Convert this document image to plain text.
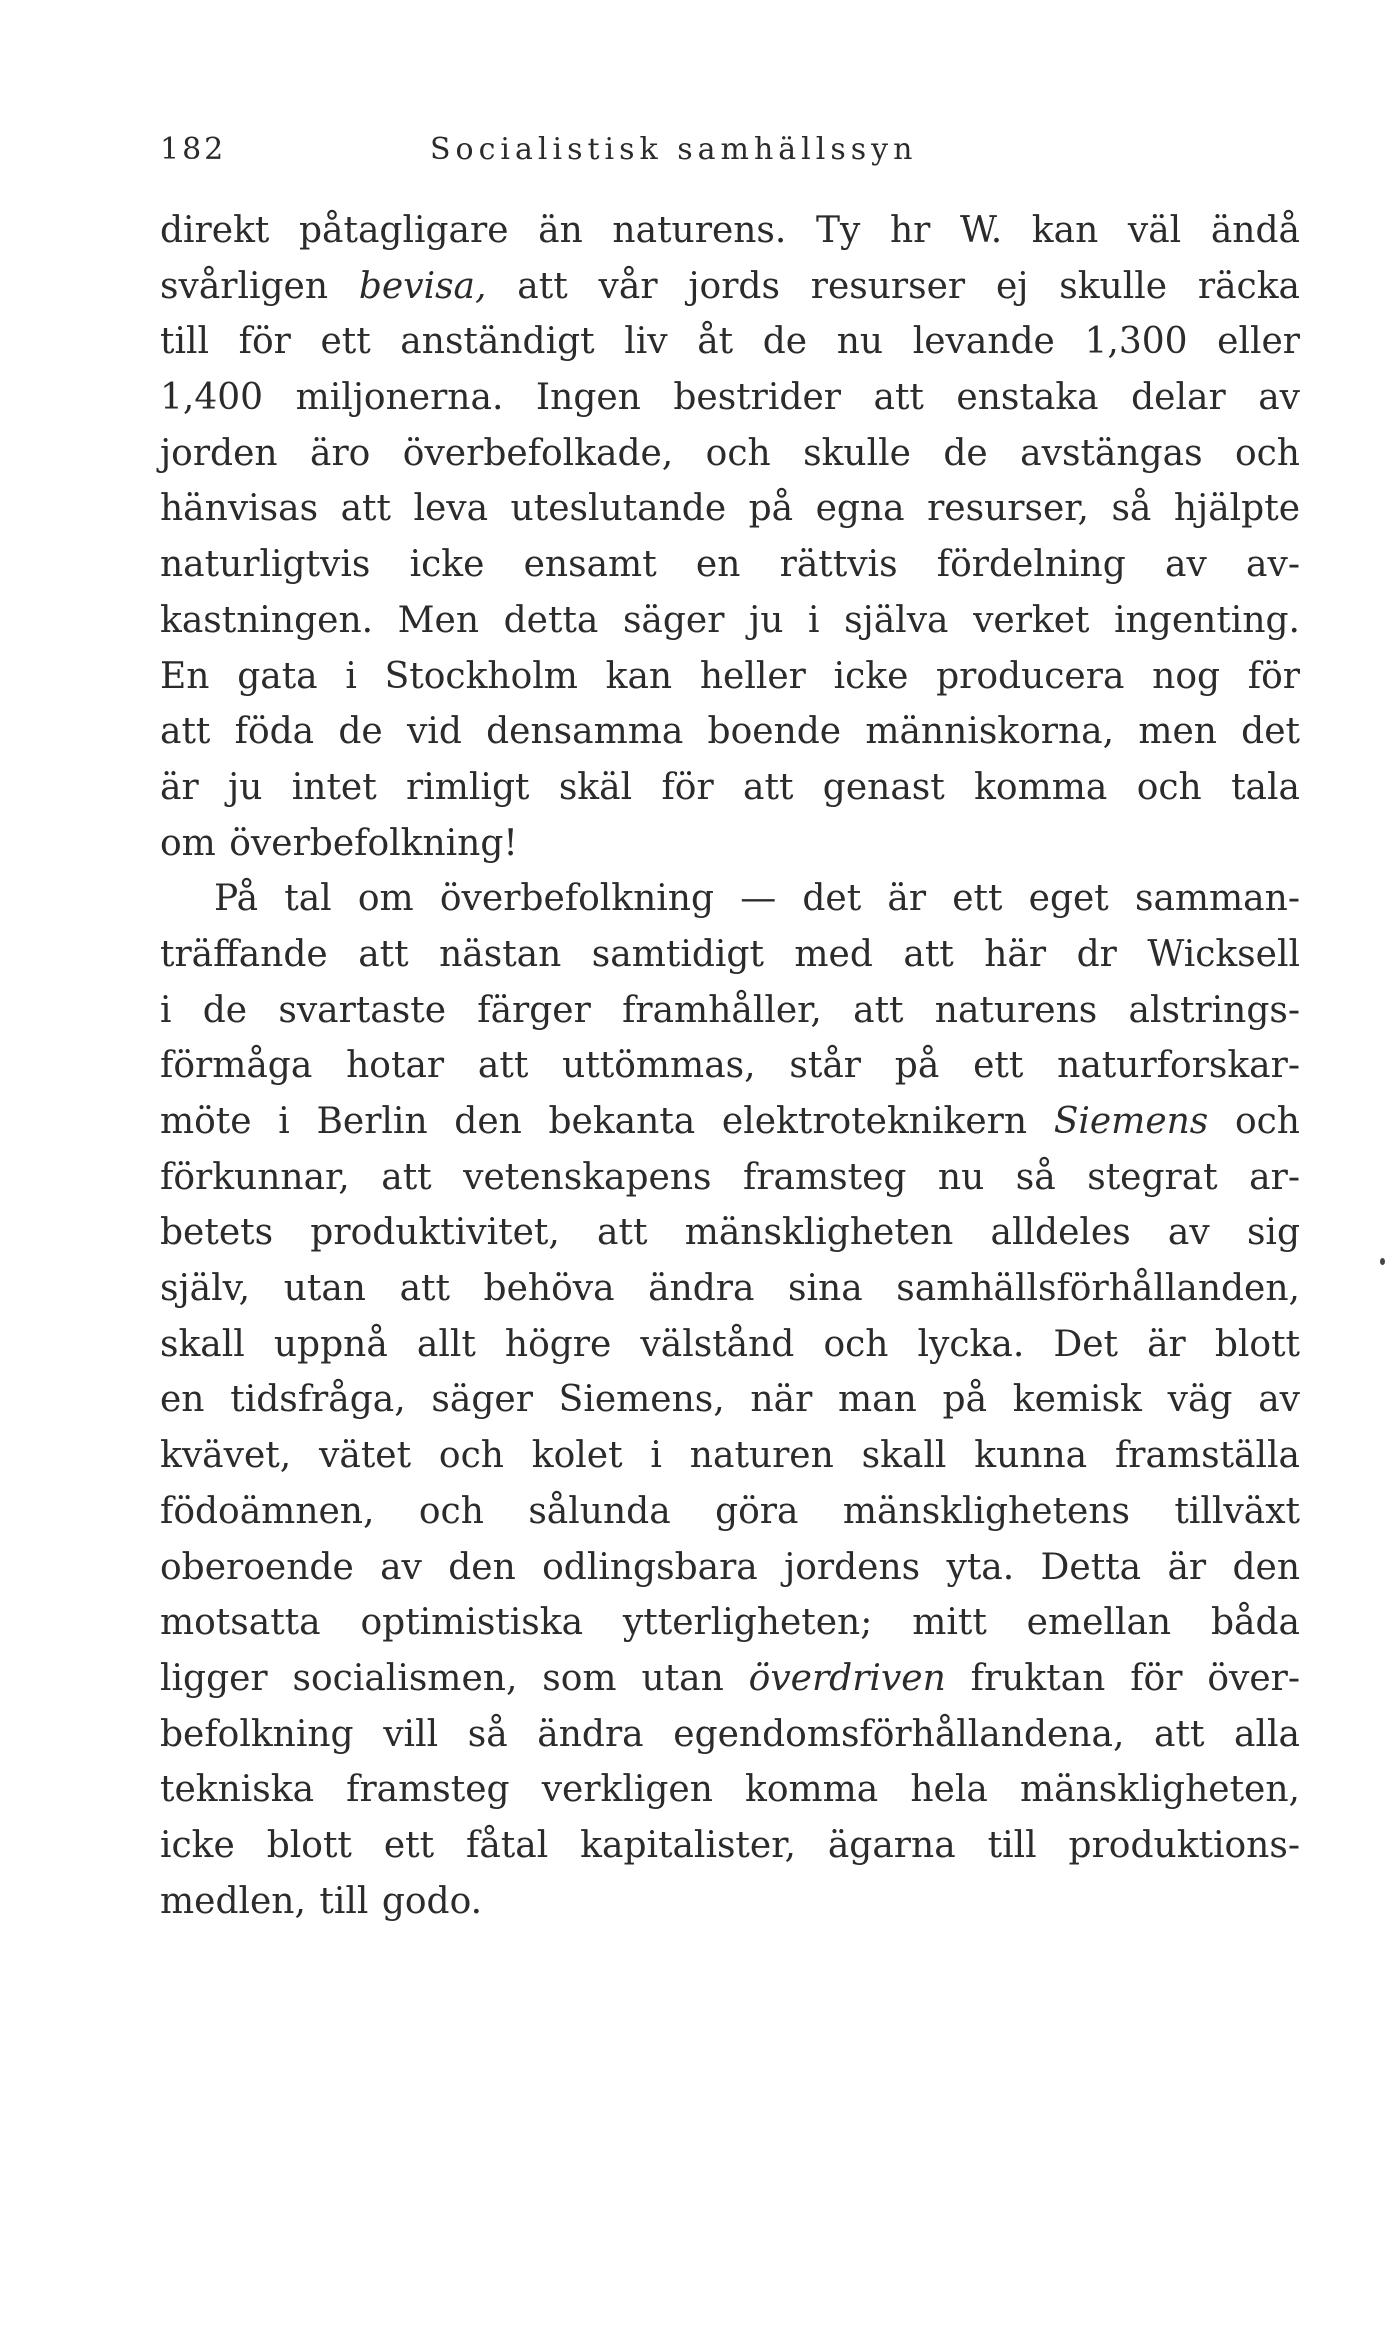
182	Socialistisk samhällssyn
direkt påtagligare än naturens. Ty hr W. kan väl ändå
svårligen bevisa, att vår jords resurser ej skulle räcka
till för ett anständigt liv åt de nu levande 1,300 eller
1,400 miljonerna. Ingen bestrider att enstaka delar av
jorden äro överbefolkade, och skulle de avstängas och
hänvisas att leva uteslutande på egna resurser, så hjälpte
naturligtvis icke ensamt en rättvis fördelning av av-
kastningen. Men detta säger ju i själva verket ingenting.
En gata i Stockholm kan heller icke producera nog för
att föda de vid densamma boende människorna, men det
är ju intet rimligt skäl för att genast komma och tala
om överbefolkning!
På tal om överbefolkning — det är ett eget samman-
träffande att nästan samtidigt med att här dr Wicksell
i de svartaste färger framhåller, att naturens alstrings-
förmåga hotar att uttömmas, står på ett naturforskar-
möte i Berlin den bekanta elektroteknikern Siemens och
förkunnar, att vetenskapens framsteg nu så stegrat ar-
betets produktivitet, att mänskligheten alldeles av sig
själv, utan att behöva ändra sina samhällsförhållanden,
skall uppnå allt högre välstånd och lycka. Det är blott
en tidsfråga, säger Siemens, när man på kemisk väg av
kvävet, vätet och kolet i naturen skall kunna framställa
födoämnen, och sålunda göra mänsklighetens tillväxt
oberoende av den odlingsbara jordens yta. Detta är den
motsatta optimistiska ytterligheten; mitt emellan båda
ligger socialismen, som utan överdriven fruktan för över-
befolkning vill så ändra egendomsförhållandena, att alla
tekniska framsteg verkligen komma hela mänskligheten,
icke blott ett fåtal kapitalister, ägarna till produktions-
medlen, till godo.
